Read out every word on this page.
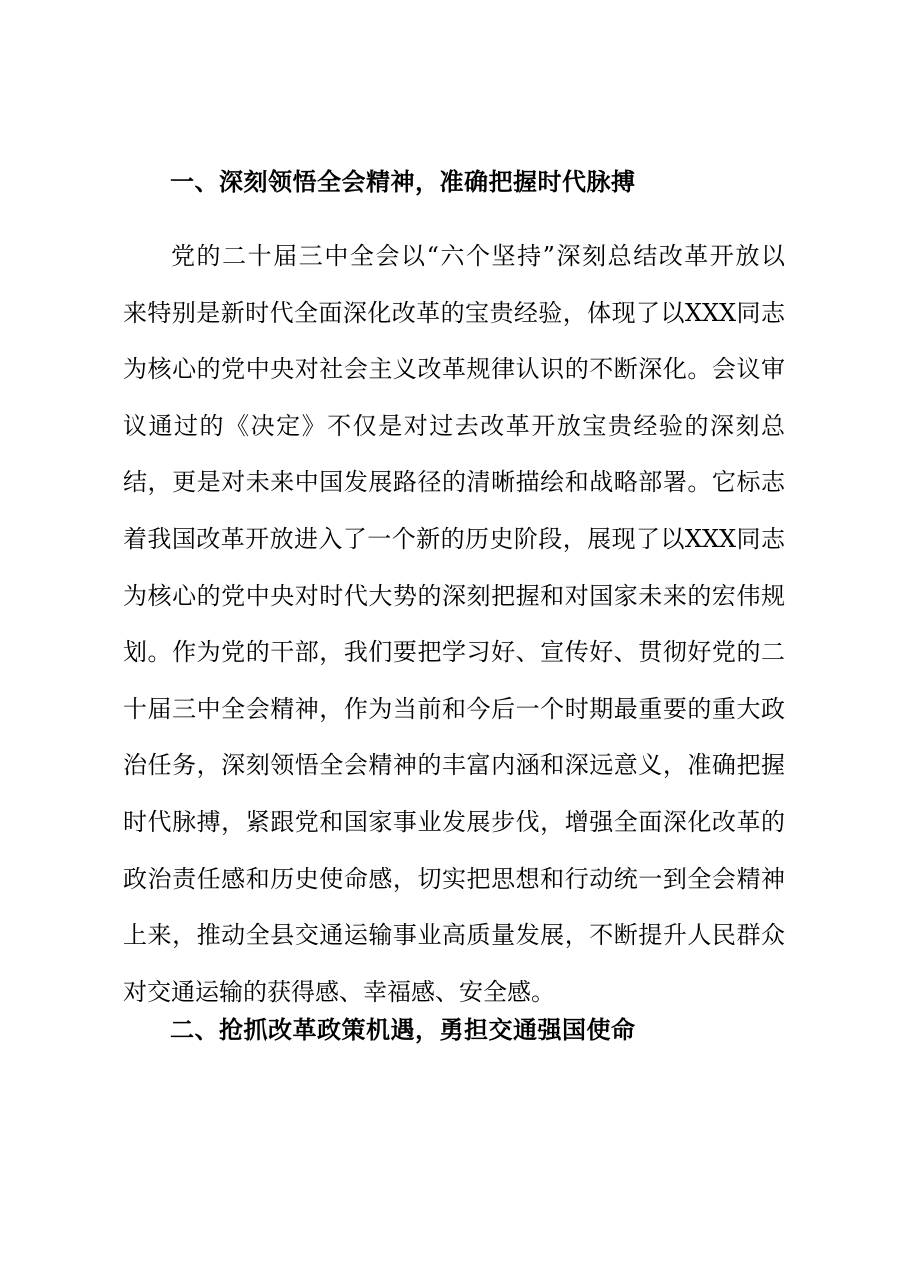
一、深刻领悟全会精神，准确把握时代脉搏
党的二十届三中全会以“六个坚持”深刻总结改革开放以
来特别是新时代全面深化改革的宝贵经验，体现了以XXX同志
为核心的党中央对社会主义改革规律认识的不断深化。会议审
议通过的《决定》不仅是对过去改革开放宝贵经验的深刻总
结，更是对未来中国发展路径的清晰描绘和战略部署。它标志
着我国改革开放进入了一个新的历史阶段，展现了以XXX同志
为核心的党中央对时代大势的深刻把握和对国家未来的宏伟规
划。作为党的干部，我们要把学习好、宣传好、贯彻好党的二
十届三中全会精神，作为当前和今后一个时期最重要的重大政
治任务，深刻领悟全会精神的丰富内涵和深远意义，准确把握
时代脉搏，紧跟党和国家事业发展步伐，增强全面深化改革的
政治责任感和历史使命感，切实把思想和行动统一到全会精神
上来，推动全县交通运输事业高质量发展，不断提升人民群众
对交通运输的获得感、幸福感、安全感。
二、抢抓改革政策机遇，勇担交通强国使命
